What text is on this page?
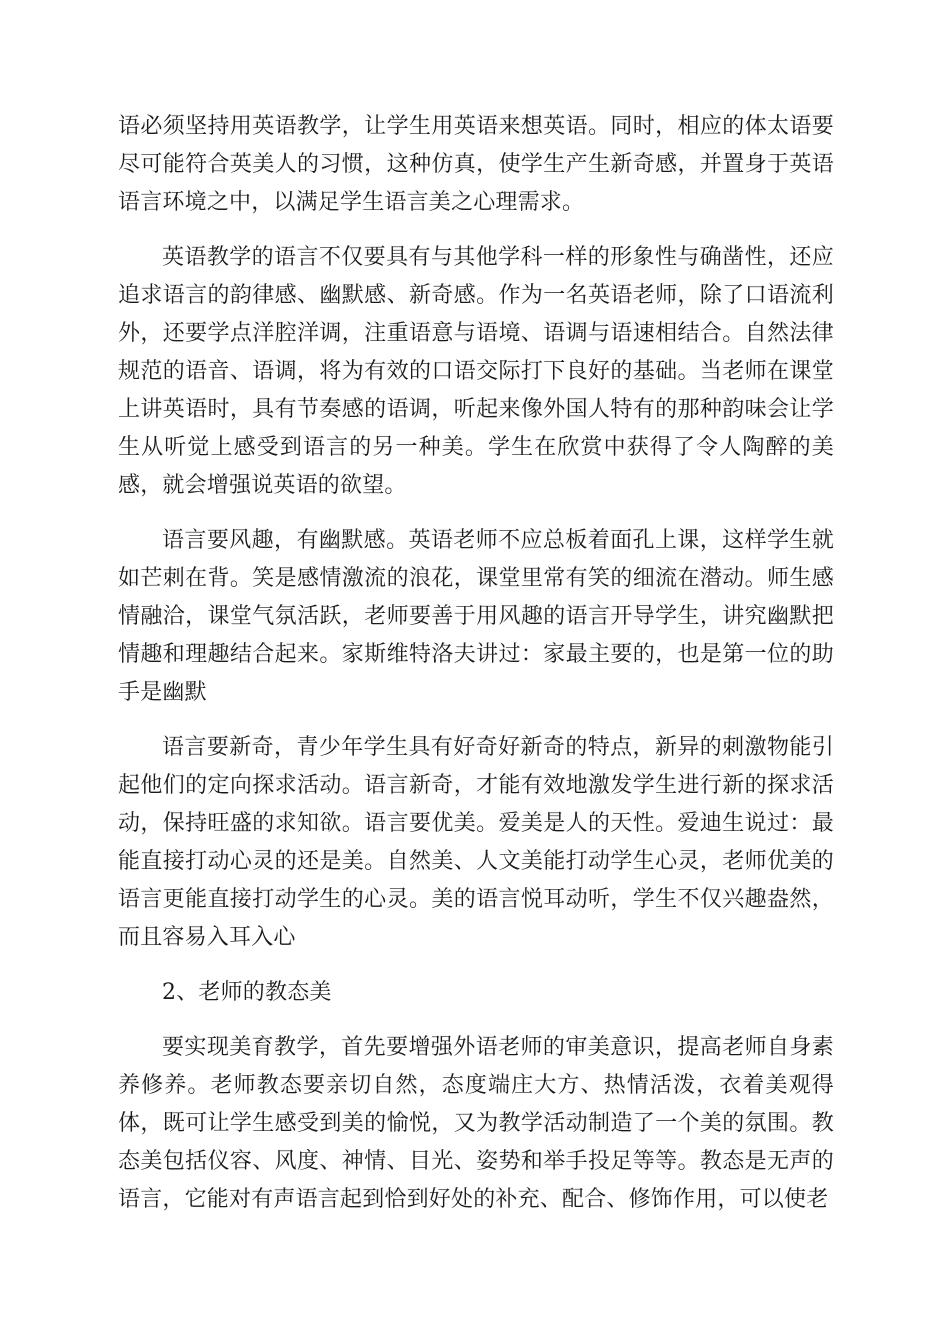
语必须坚持用英语教学，让学生用英语来想英语。同时，相应的体太语要尽可能符合英美人的习惯，这种仿真，使学生产生新奇感，并置身于英语语言环境之中，以满足学生语言美之心理需求。

英语教学的语言不仅要具有与其他学科一样的形象性与确凿性，还应追求语言的韵律感、幽默感、新奇感。作为一名英语老师，除了口语流利外，还要学点洋腔洋调，注重语意与语境、语调与语速相结合。自然法律规范的语音、语调，将为有效的口语交际打下良好的基础。当老师在课堂上讲英语时，具有节奏感的语调，听起来像外国人特有的那种韵味会让学生从听觉上感受到语言的另一种美。学生在欣赏中获得了令人陶醉的美感，就会增强说英语的欲望。

语言要风趣，有幽默感。英语老师不应总板着面孔上课，这样学生就如芒刺在背。笑是感情激流的浪花，课堂里常有笑的细流在潜动。师生感情融洽，课堂气氛活跃，老师要善于用风趣的语言开导学生，讲究幽默把情趣和理趣结合起来。家斯维特洛夫讲过：家最主要的，也是第一位的助手是幽默

语言要新奇，青少年学生具有好奇好新奇的特点，新异的刺激物能引起他们的定向探求活动。语言新奇，才能有效地激发学生进行新的探求活动，保持旺盛的求知欲。语言要优美。爱美是人的天性。爱迪生说过：最能直接打动心灵的还是美。自然美、人文美能打动学生心灵，老师优美的语言更能直接打动学生的心灵。美的语言悦耳动听，学生不仅兴趣盎然，而且容易入耳入心

2、老师的教态美

要实现美育教学，首先要增强外语老师的审美意识，提高老师自身素养修养。老师教态要亲切自然，态度端庄大方、热情活泼，衣着美观得体，既可让学生感受到美的愉悦，又为教学活动制造了一个美的氛围。教态美包括仪容、风度、神情、目光、姿势和举手投足等等。教态是无声的语言，它能对有声语言起到恰到好处的补充、配合、修饰作用，可以使老
